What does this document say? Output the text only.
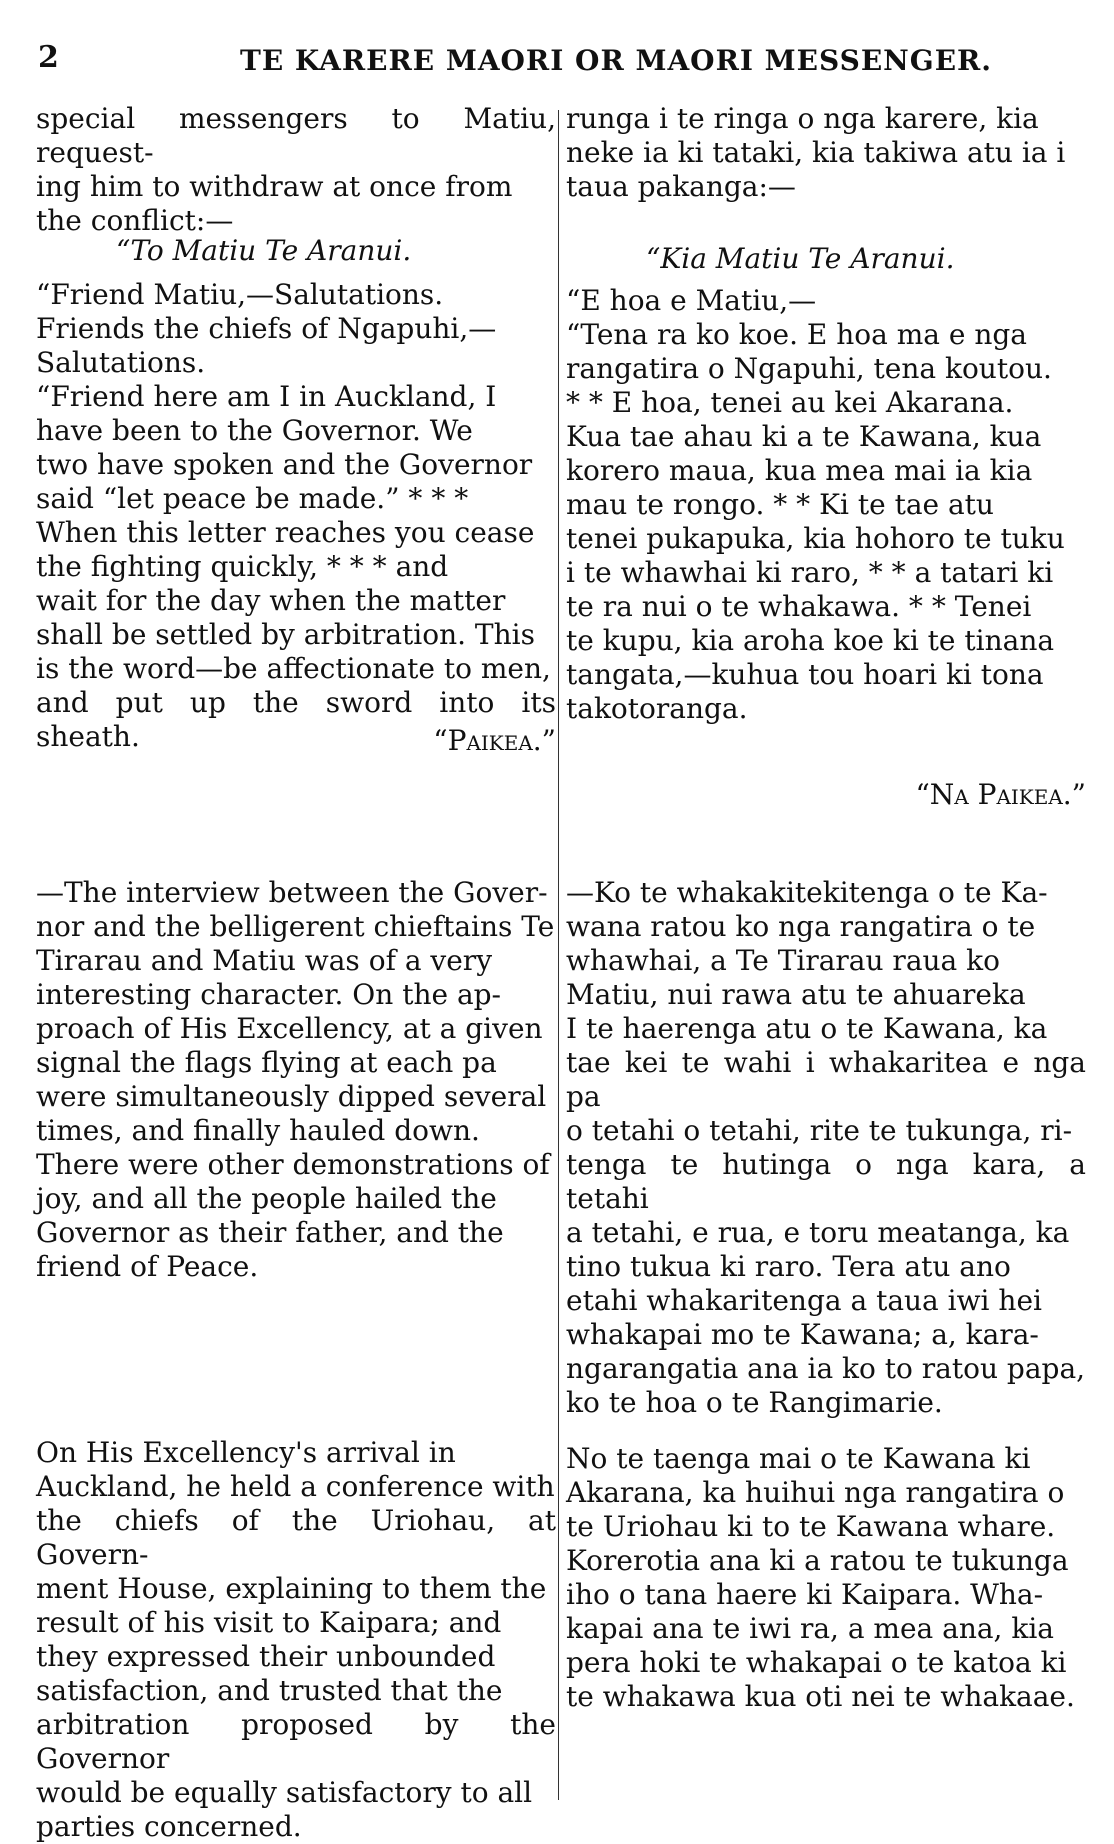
2	TE KARERE MAORI OR MAORI MESSENGER.
special messengers to Matiu, request-
ing him to withdraw at once from
the conflict:—
“To Matiu Te Aranui.
“Friend Matiu,—Salutations.
Friends the chiefs of Ngapuhi,—
Salutations.
“Friend here am I in Auckland, I
have been to the Governor. We
two have spoken and the Governor
said “let peace be made.” * * *
When this letter reaches you cease
the fighting quickly, * * * and
wait for the day when the matter
shall be settled by arbitration. This
is the word—be affectionate to men,
and put up the sword into its sheath.	“Paikea.”
—The interview between the Gover-
nor and the belligerent chieftains Te
Tirarau and Matiu was of a very
interesting character. On the ap-
proach of His Excellency, at a given
signal the flags flying at each pa
were simultaneously dipped several
times, and finally hauled down.
There were other demonstrations of
joy, and all the people hailed the
Governor as their father, and the
friend of Peace.
On His Excellency's arrival in
Auckland, he held a conference with
the chiefs of the Uriohau, at Govern-
ment House, explaining to them the
result of his visit to Kaipara; and
they expressed their unbounded
satisfaction, and trusted that the
arbitration proposed by the Governor
would be equally satisfactory to all
parties concerned.
runga i te ringa o nga karere, kia
neke ia ki tataki, kia takiwa atu ia i
taua pakanga:—
“Kia Matiu Te Aranui.
“E hoa e Matiu,—
“Tena ra ko koe. E hoa ma e nga
rangatira o Ngapuhi, tena koutou.
* * E hoa, tenei au kei Akarana.
Kua tae ahau ki a te Kawana, kua
korero maua, kua mea mai ia kia
mau te rongo. * * Ki te tae atu
tenei pukapuka, kia hohoro te tuku
i te whawhai ki raro, * * a tatari ki
te ra nui o te whakawa. * * Tenei
te kupu, kia aroha koe ki te tinana
tangata,—kuhua tou hoari ki tona
takotoranga.
“Na Paikea.”
—Ko te whakakitekitenga o te Ka-
wana ratou ko nga rangatira o te
whawhai, a Te Tirarau raua ko
Matiu, nui rawa atu te ahuareka
I te haerenga atu o te Kawana, ka
tae kei te wahi i whakaritea e nga pa
o tetahi o tetahi, rite te tukunga, ri-
tenga te hutinga o nga kara, a tetahi
a tetahi, e rua, e toru meatanga, ka
tino tukua ki raro. Tera atu ano
etahi whakaritenga a taua iwi hei
whakapai mo te Kawana; a, kara-
ngarangatia ana ia ko to ratou papa,
ko te hoa o te Rangimarie.
No te taenga mai o te Kawana ki
Akarana, ka huihui nga rangatira o
te Uriohau ki to te Kawana whare.
Korerotia ana ki a ratou te tukunga
iho o tana haere ki Kaipara. Wha-
kapai ana te iwi ra, a mea ana, kia
pera hoki te whakapai o te katoa ki
te whakawa kua oti nei te whakaae.
